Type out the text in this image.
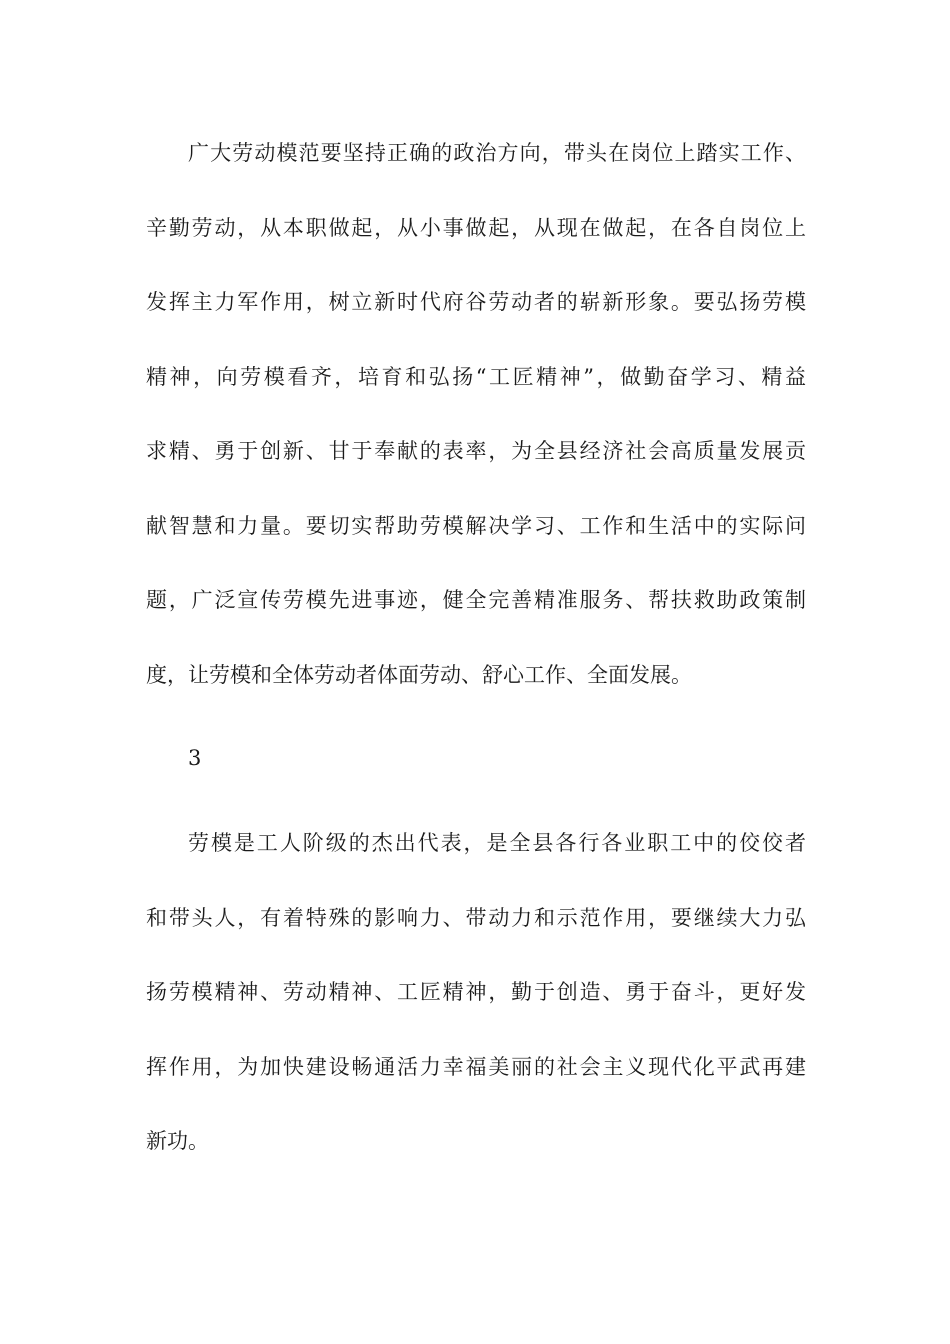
广大劳动模范要坚持正确的政治方向，带头在岗位上踏实工作、
辛勤劳动，从本职做起，从小事做起，从现在做起，在各自岗位上
发挥主力军作用，树立新时代府谷劳动者的崭新形象。要弘扬劳模
精神，向劳模看齐，培育和弘扬“工匠精神”，做勤奋学习、精益
求精、勇于创新、甘于奉献的表率，为全县经济社会高质量发展贡
献智慧和力量。要切实帮助劳模解决学习、工作和生活中的实际问
题，广泛宣传劳模先进事迹，健全完善精准服务、帮扶救助政策制
度，让劳模和全体劳动者体面劳动、舒心工作、全面发展。
3
劳模是工人阶级的杰出代表，是全县各行各业职工中的佼佼者
和带头人，有着特殊的影响力、带动力和示范作用，要继续大力弘
扬劳模精神、劳动精神、工匠精神，勤于创造、勇于奋斗，更好发
挥作用，为加快建设畅通活力幸福美丽的社会主义现代化平武再建
新功。
